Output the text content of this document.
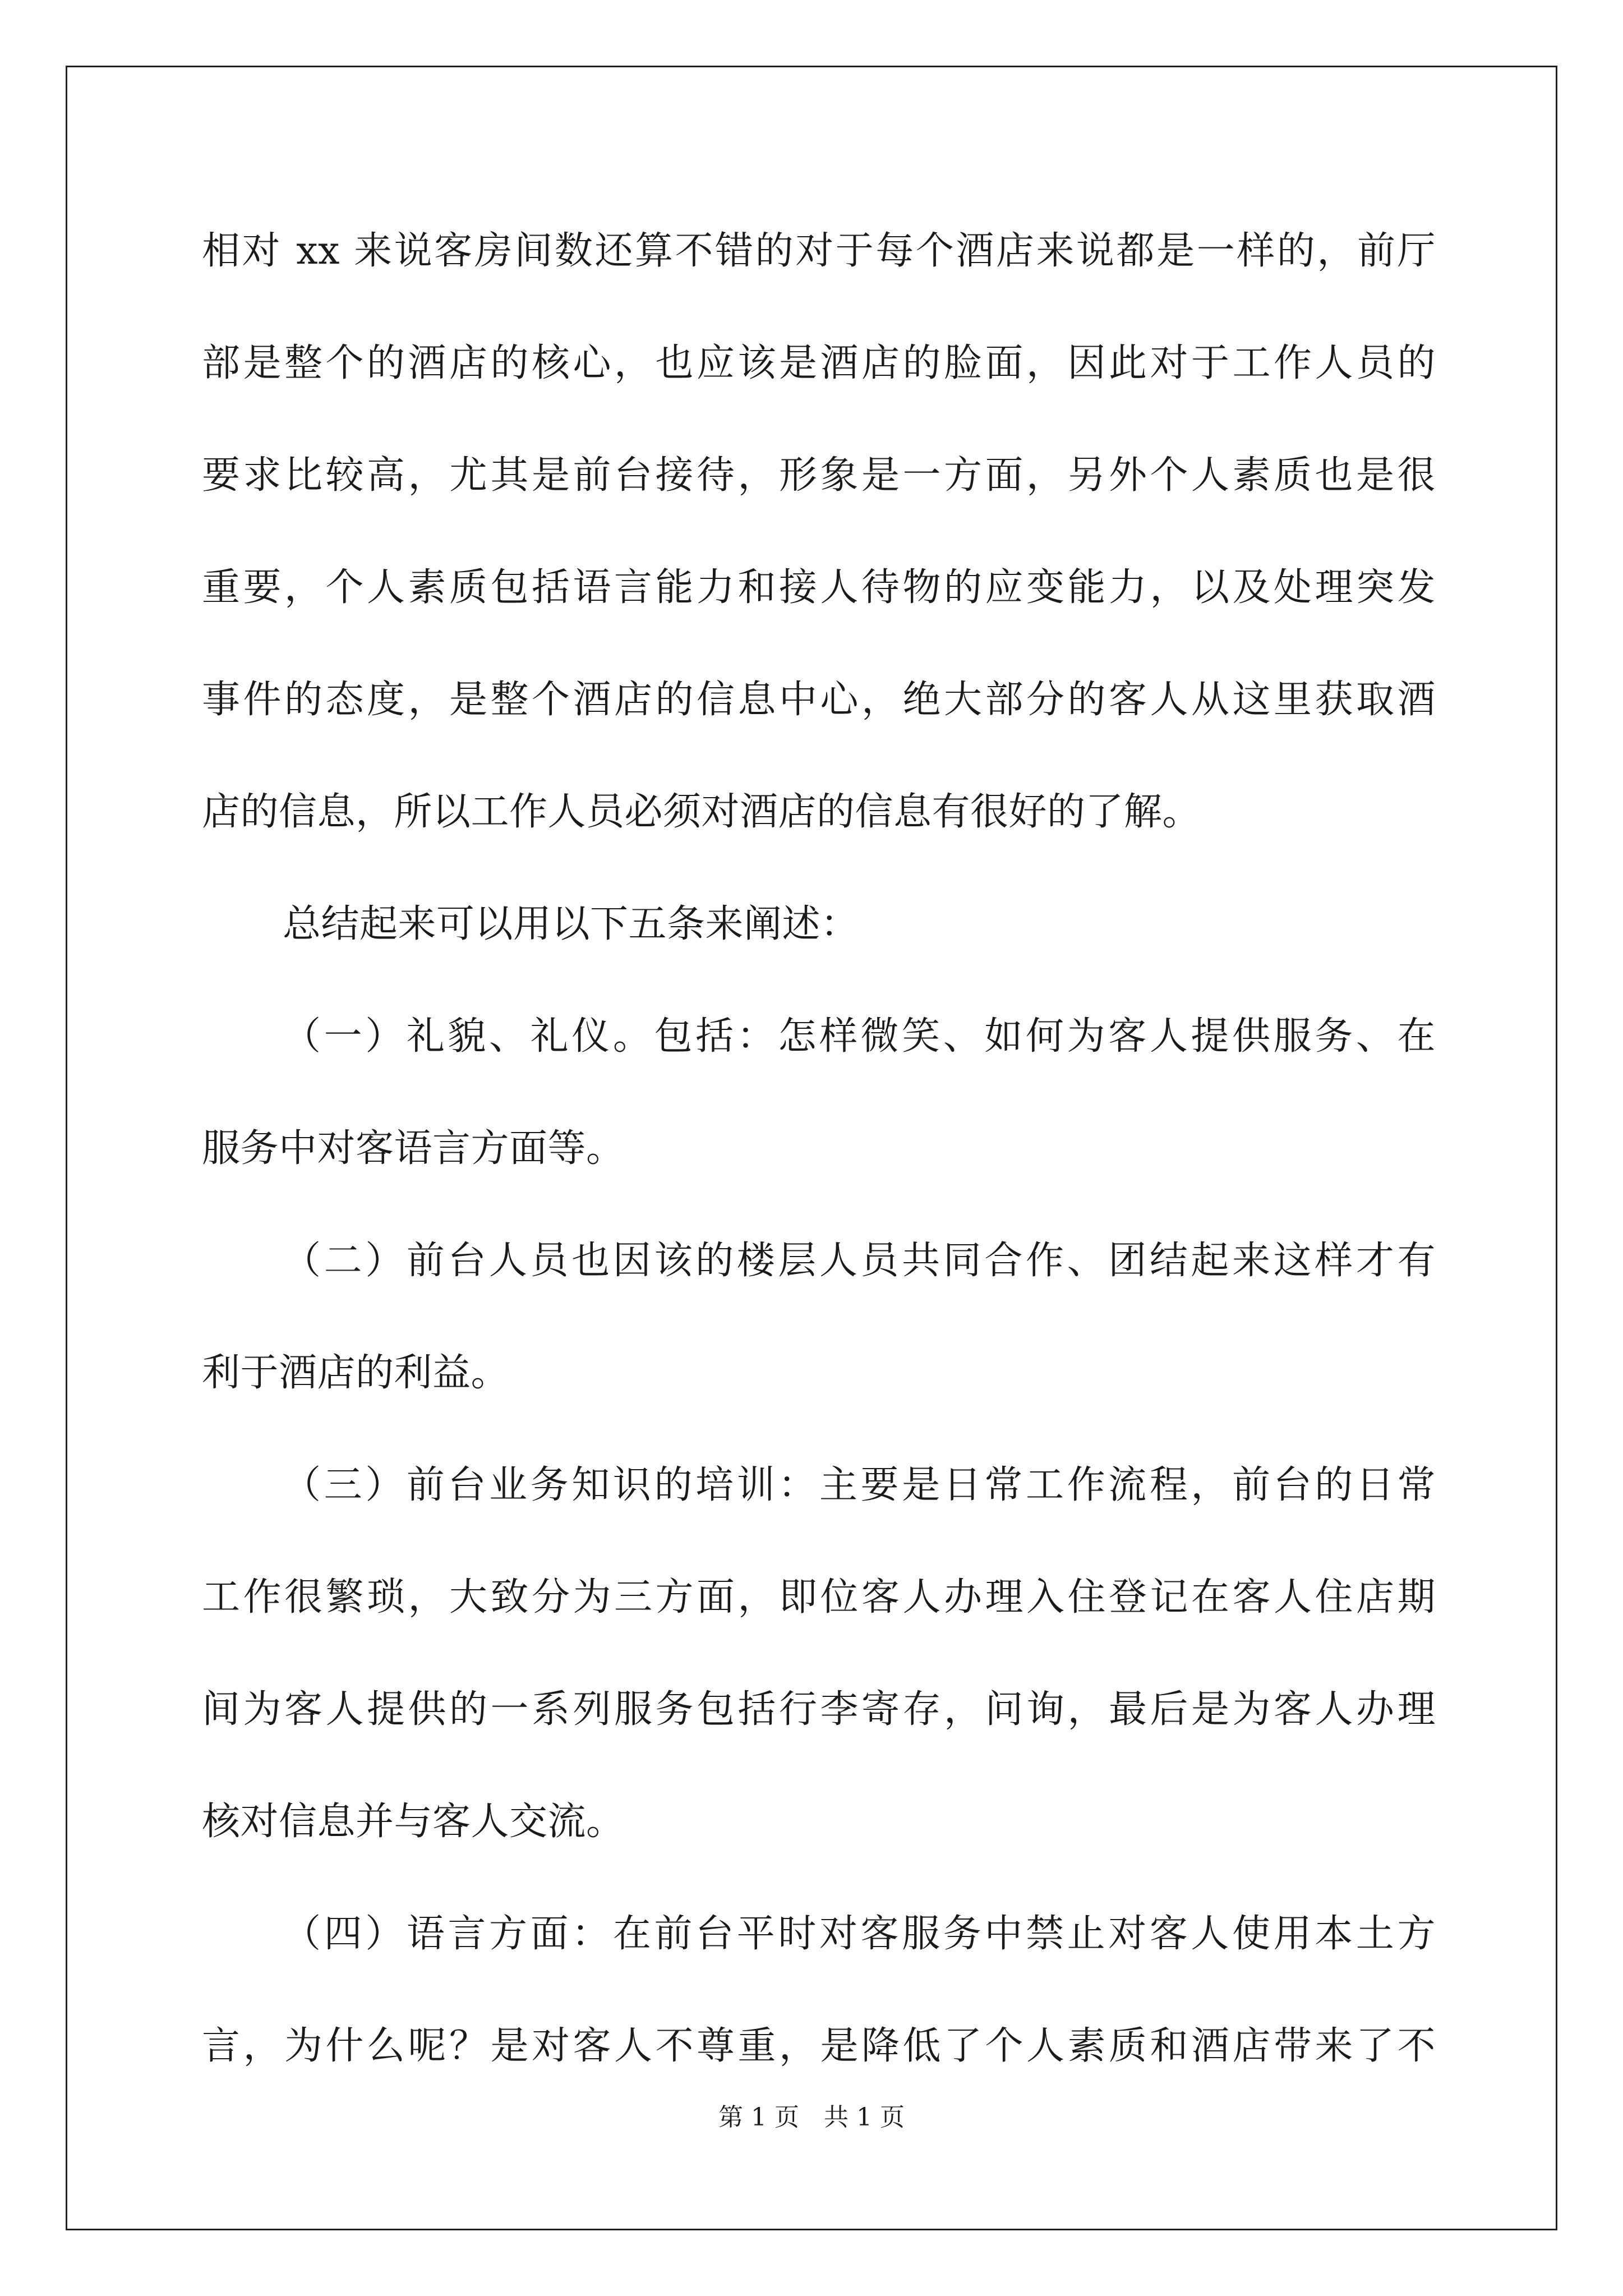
相对 xx 来说客房间数还算不错的对于每个酒店来说都是一样的，前厅
部是整个的酒店的核心，也应该是酒店的脸面，因此对于工作人员的
要求比较高，尤其是前台接待，形象是一方面，另外个人素质也是很
重要，个人素质包括语言能力和接人待物的应变能力，以及处理突发
事件的态度，是整个酒店的信息中心，绝大部分的客人从这里获取酒
店的信息，所以工作人员必须对酒店的信息有很好的了解。
总结起来可以用以下五条来阐述：
（一）礼貌、礼仪。包括：怎样微笑、如何为客人提供服务、在
服务中对客语言方面等。
（二）前台人员也因该的楼层人员共同合作、团结起来这样才有
利于酒店的利益。
（三）前台业务知识的培训：主要是日常工作流程，前台的日常
工作很繁琐，大致分为三方面，即位客人办理入住登记在客人住店期
间为客人提供的一系列服务包括行李寄存，问询，最后是为客人办理
核对信息并与客人交流。
（四）语言方面：在前台平时对客服务中禁止对客人使用本土方
言，为什么呢？是对客人不尊重，是降低了个人素质和酒店带来了不
第 1 页 共 1 页
